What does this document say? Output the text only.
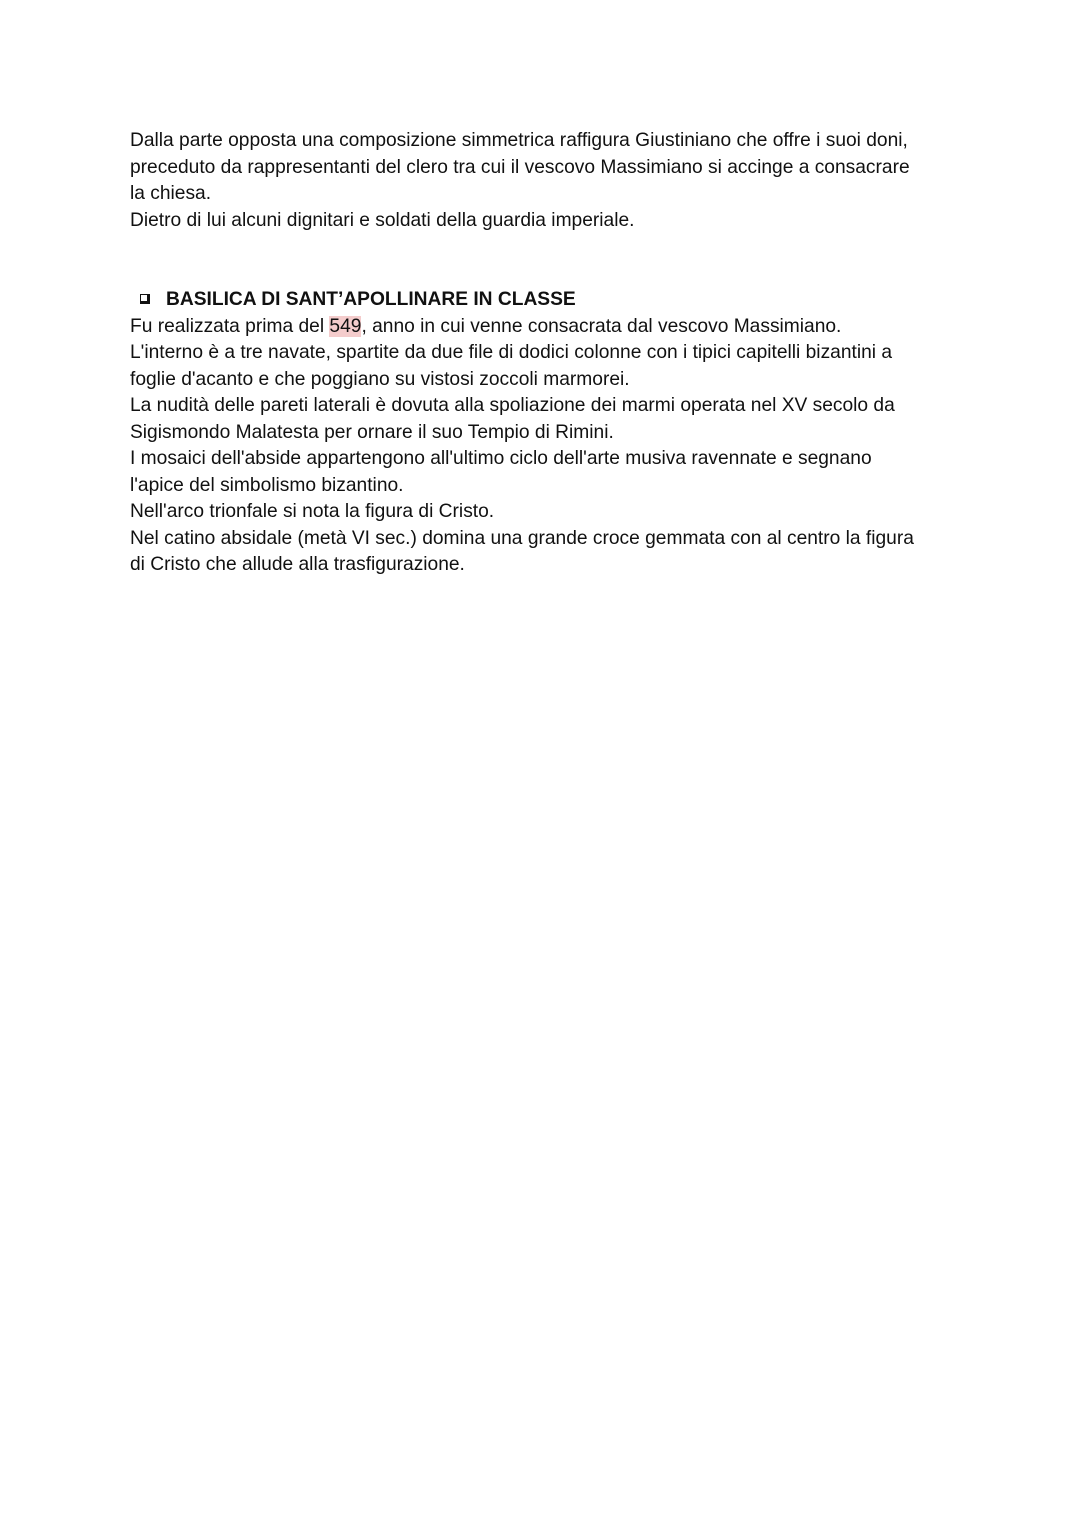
Dalla parte opposta una composizione simmetrica raffigura Giustiniano che offre i suoi doni,
preceduto da rappresentanti del clero tra cui il vescovo Massimiano si accinge a consacrare
la chiesa.
Dietro di lui alcuni dignitari e soldati della guardia imperiale.
BASILICA DI SANT’APOLLINARE IN CLASSE
Fu realizzata prima del 549, anno in cui venne consacrata dal vescovo Massimiano.
L'interno è a tre navate, spartite da due file di dodici colonne con i tipici capitelli bizantini a
foglie d'acanto e che poggiano su vistosi zoccoli marmorei.
La nudità delle pareti laterali è dovuta alla spoliazione dei marmi operata nel XV secolo da
Sigismondo Malatesta per ornare il suo Tempio di Rimini.
I mosaici dell'abside appartengono all'ultimo ciclo dell'arte musiva ravennate e segnano
l'apice del simbolismo bizantino.
Nell'arco trionfale si nota la figura di Cristo.
Nel catino absidale (metà VI sec.) domina una grande croce gemmata con al centro la figura
di Cristo che allude alla trasfigurazione.
